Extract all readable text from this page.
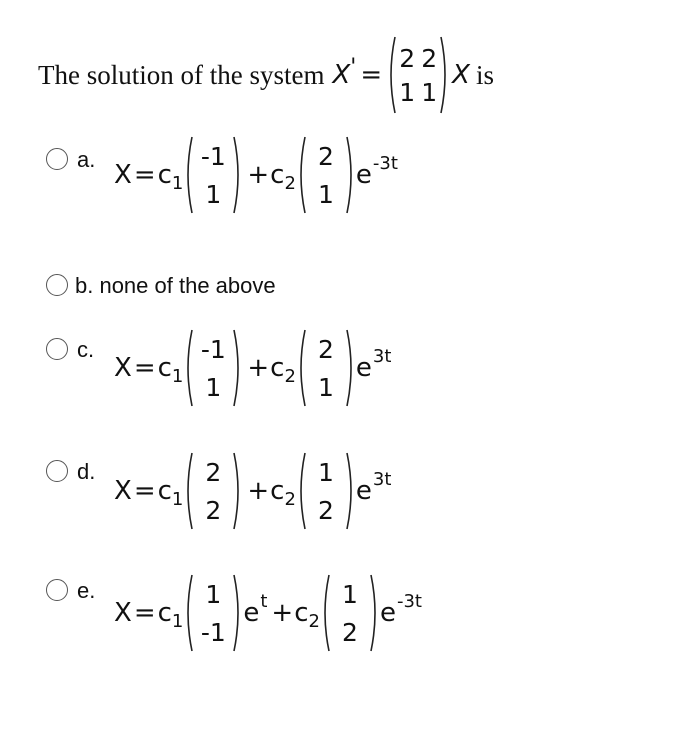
The solution of the system X ' =
2 2
1 1
X is
a.
X = c 1
-1
1
+ c 2
2
1
e -3t
b. none of the above
c.
X = c 1
-1
1
+ c 2
2
1
e 3t
d.
X = c 1
2
2
+ c 2
1
2
e 3t
e.
X = c 1
1
-1
e t + c 2
1
2
e -3t
